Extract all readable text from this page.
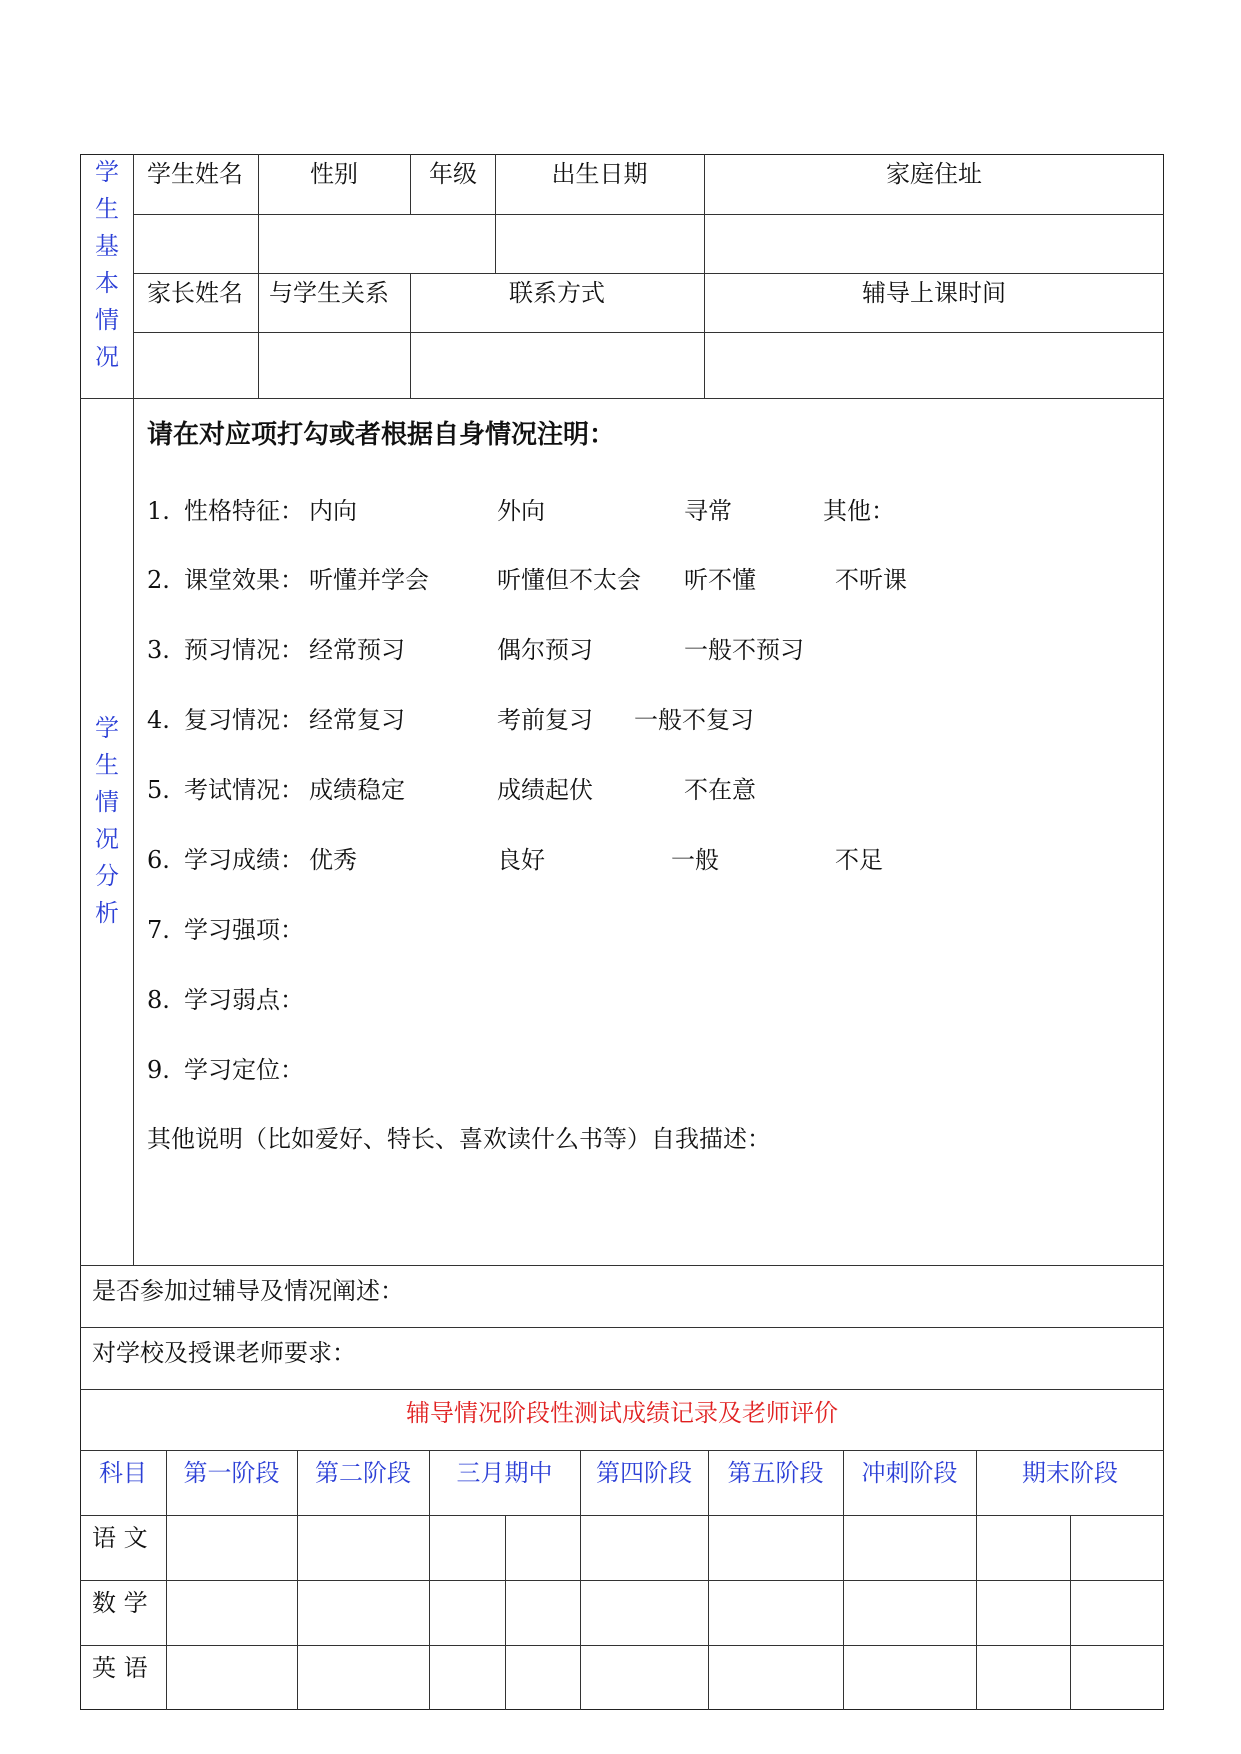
学
生
基
本
情
况
学生姓名	性别	年级	出生日期	家庭住址
家长姓名 与学生关系	联系方式	辅导上课时间
学
生
情
况
分
析
请在对应项打勾或者根据自身情况注明：
1. 性格特征： 内向	外向	寻常	其他：
2. 课堂效果： 听懂并学会	听懂但不太会 听不懂	不听课
3. 预习情况： 经常预习	偶尔预习	一般不预习
4. 复习情况： 经常复习	考前复习 一般不复习
5. 考试情况： 成绩稳定	成绩起伏	不在意
6. 学习成绩： 优秀	良好	一般	不足
7. 学习强项：
8. 学习弱点：
9. 学习定位：
其他说明（比如爱好、特长、喜欢读什么书等）自我描述：
是否参加过辅导及情况阐述：
对学校及授课老师要求：
辅导情况阶段性测试成绩记录及老师评价
科目	第一阶段	第二阶段	三月期中	第四阶段	第五阶段	冲刺阶段	期末阶段
语 文
数 学
英 语
